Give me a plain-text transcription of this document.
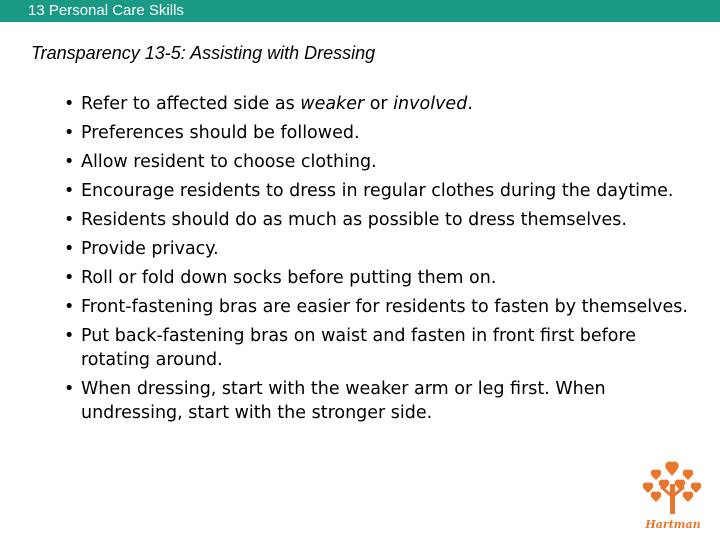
13 Personal Care Skills
Transparency 13-5: Assisting with Dressing
• Refer to affected side as weaker or involved.
• Preferences should be followed.
• Allow resident to choose clothing.
• Encourage residents to dress in regular clothes during the daytime.
• Residents should do as much as possible to dress themselves.
• Provide privacy.
• Roll or fold down socks before putting them on.
• Front-fastening bras are easier for residents to fasten by themselves.
• Put back-fastening bras on waist and fasten in front first before rotating around.
• When dressing, start with the weaker arm or leg first. When undressing, start with the stronger side.
Hartman
